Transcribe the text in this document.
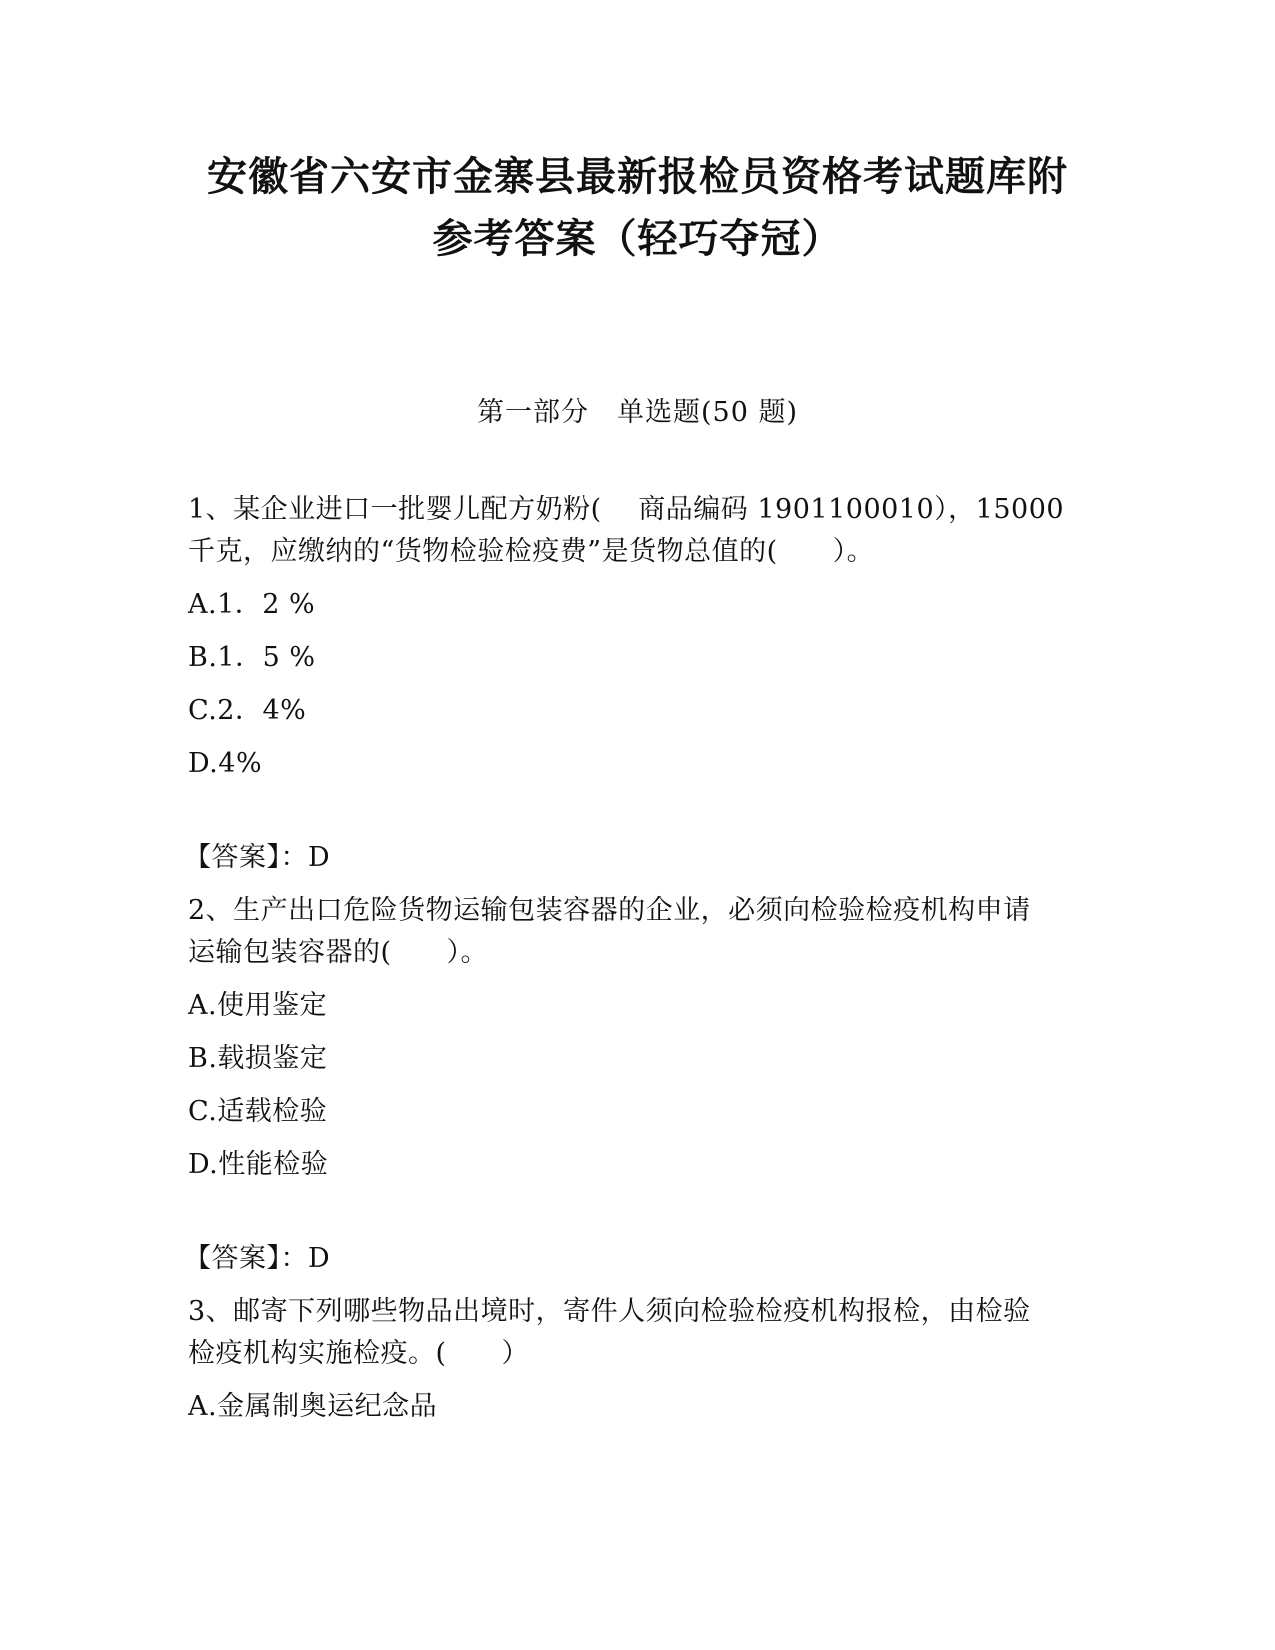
安徽省六安市金寨县最新报检员资格考试题库附
参考答案（轻巧夺冠）
第一部分　单选题(50 题)
1、某企业进口一批婴儿配方奶粉(　 商品编码 1901100010），15000
千克，应缴纳的“货物检验检疫费”是货物总值的(　　）。
A.1．2 %
B.1．5 %
C.2．4%
D.4%
【答案】：D
2、生产出口危险货物运输包装容器的企业，必须向检验检疫机构申请
运输包装容器的(　　）。
A.使用鉴定
B.载损鉴定
C.适载检验
D.性能检验
【答案】：D
3、邮寄下列哪些物品出境时，寄件人须向检验检疫机构报检，由检验
检疫机构实施检疫。(　　）
A.金属制奥运纪念品
